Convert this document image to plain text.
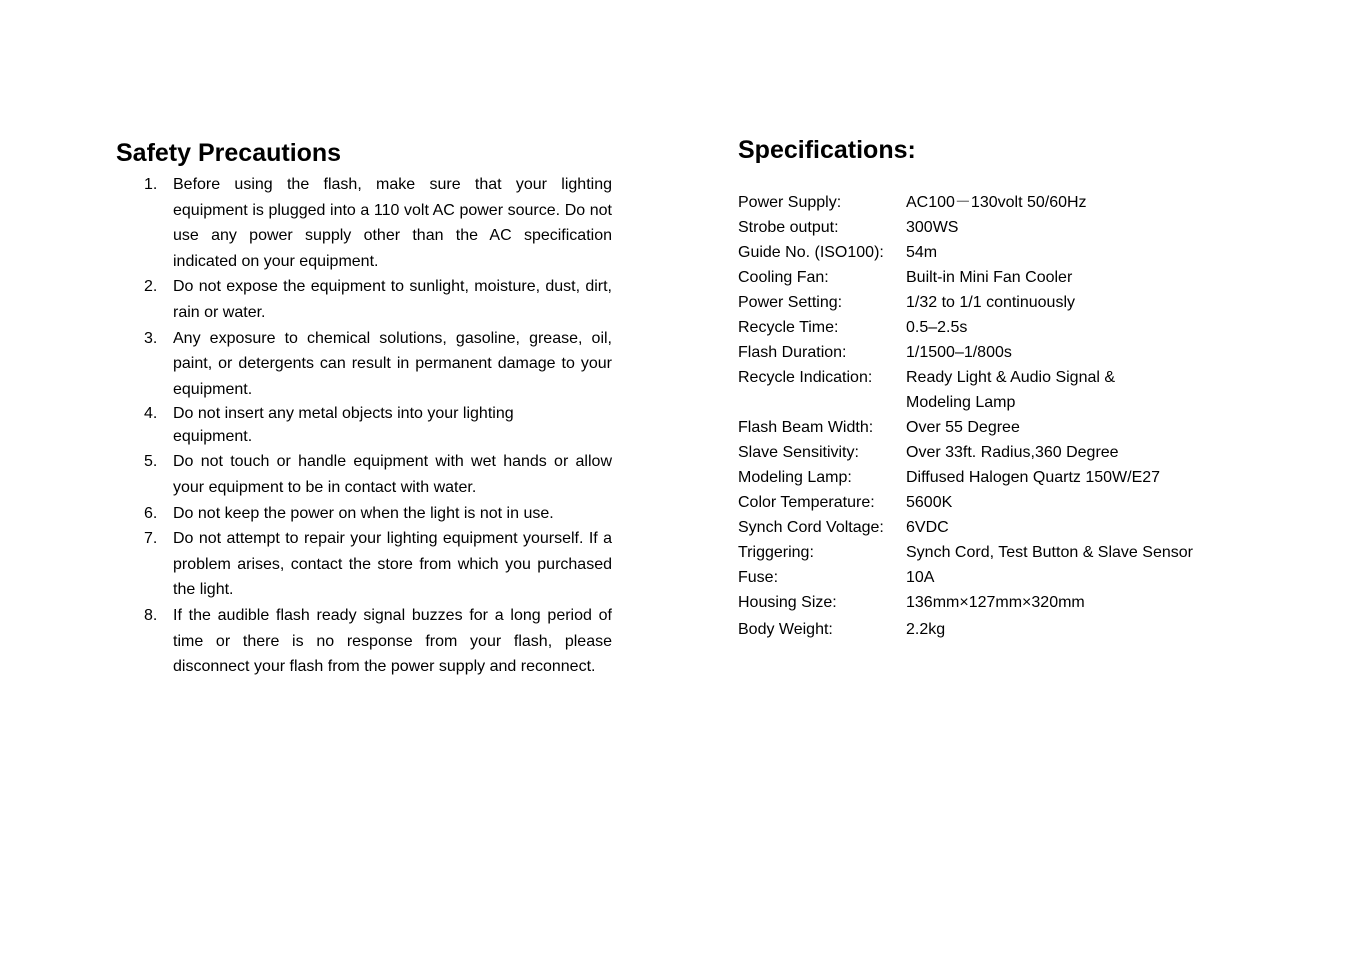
Safety Precautions
1. Before using the flash, make sure that your lighting equipment is plugged into a 110 volt AC power source. Do not use any power supply other than the AC specification indicated on your equipment.
2. Do not expose the equipment to sunlight, moisture, dust, dirt, rain or water.
3. Any exposure to chemical solutions, gasoline, grease, oil, paint, or detergents can result in permanent damage to your equipment.
4. Do not insert any metal objects into your lighting equipment.
5. Do not touch or handle equipment with wet hands or allow your equipment to be in contact with water.
6. Do not keep the power on when the light is not in use.
7. Do not attempt to repair your lighting equipment yourself. If a problem arises, contact the store from which you purchased the light.
8. If the audible flash ready signal buzzes for a long period of time or there is no response from your flash, please disconnect your flash from the power supply and reconnect.
Specifications:
Power Supply:	AC100－130volt 50/60Hz
Strobe output:	300WS
Guide No. (ISO100):	54m
Cooling Fan:	Built-in Mini Fan Cooler
Power Setting:	1/32 to 1/1 continuously
Recycle Time:	0.5–2.5s
Flash Duration:	1/1500–1/800s
Recycle Indication:	Ready Light & Audio Signal & Modeling Lamp
Flash Beam Width:	Over 55 Degree
Slave Sensitivity:	Over 33ft. Radius,360 Degree
Modeling Lamp:	Diffused Halogen Quartz 150W/E27
Color Temperature:	5600K
Synch Cord Voltage:	6VDC
Triggering:	Synch Cord, Test Button & Slave Sensor
Fuse:	10A
Housing Size:	136mm×127mm×320mm
Body Weight:	2.2kg
